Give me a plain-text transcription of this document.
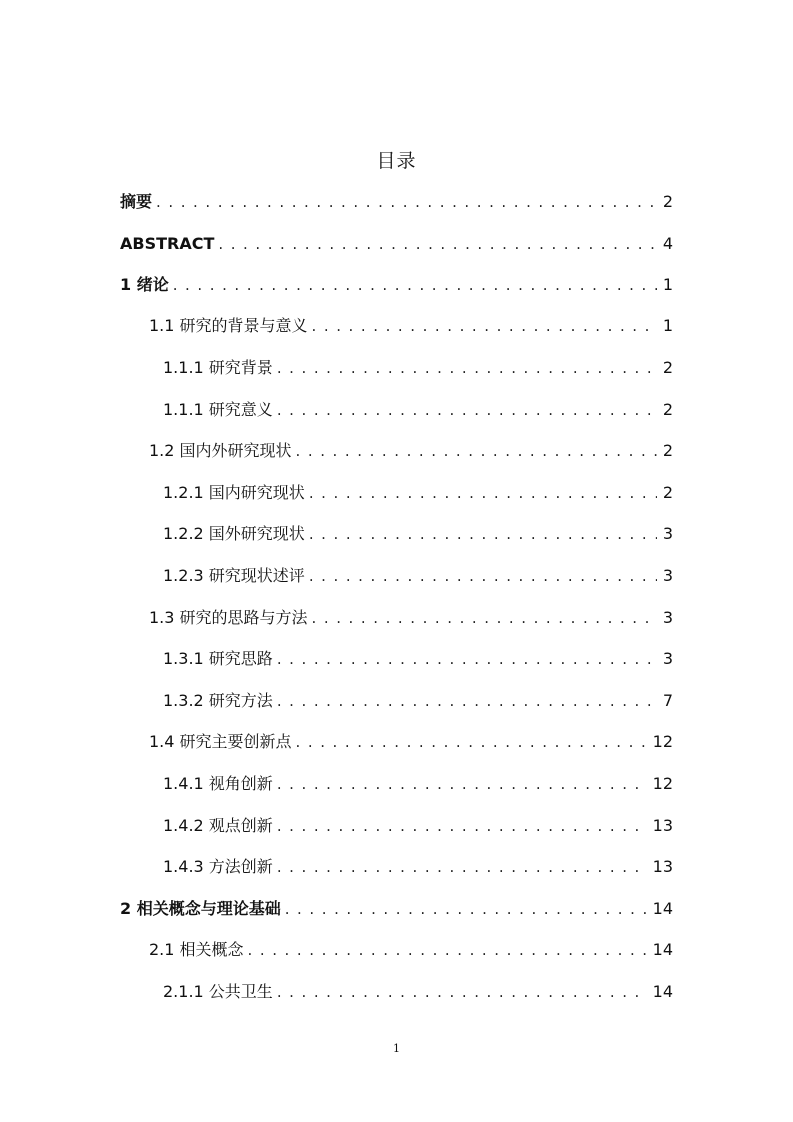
目录
摘要 . . .	2
ABSTRACT . . .	4
1 绪论 . . .	1
1.1 研究的背景与意义 . . .	1
1.1.1 研究背景 . . .	2
1.1.1 研究意义 . . .	2
1.2 国内外研究现状 . . .	2
1.2.1 国内研究现状 . . .	2
1.2.2 国外研究现状 . . .	3
1.2.3 研究现状述评 . . .	3
1.3 研究的思路与方法 . . .	3
1.3.1 研究思路 . . .	3
1.3.2 研究方法 . . .	7
1.4 研究主要创新点 . . .	12
1.4.1 视角创新 . . .	12
1.4.2 观点创新 . . .	13
1.4.3 方法创新 . . .	13
2 相关概念与理论基础 . . .	14
2.1 相关概念 . . .	14
2.1.1 公共卫生 . . .	14
1
